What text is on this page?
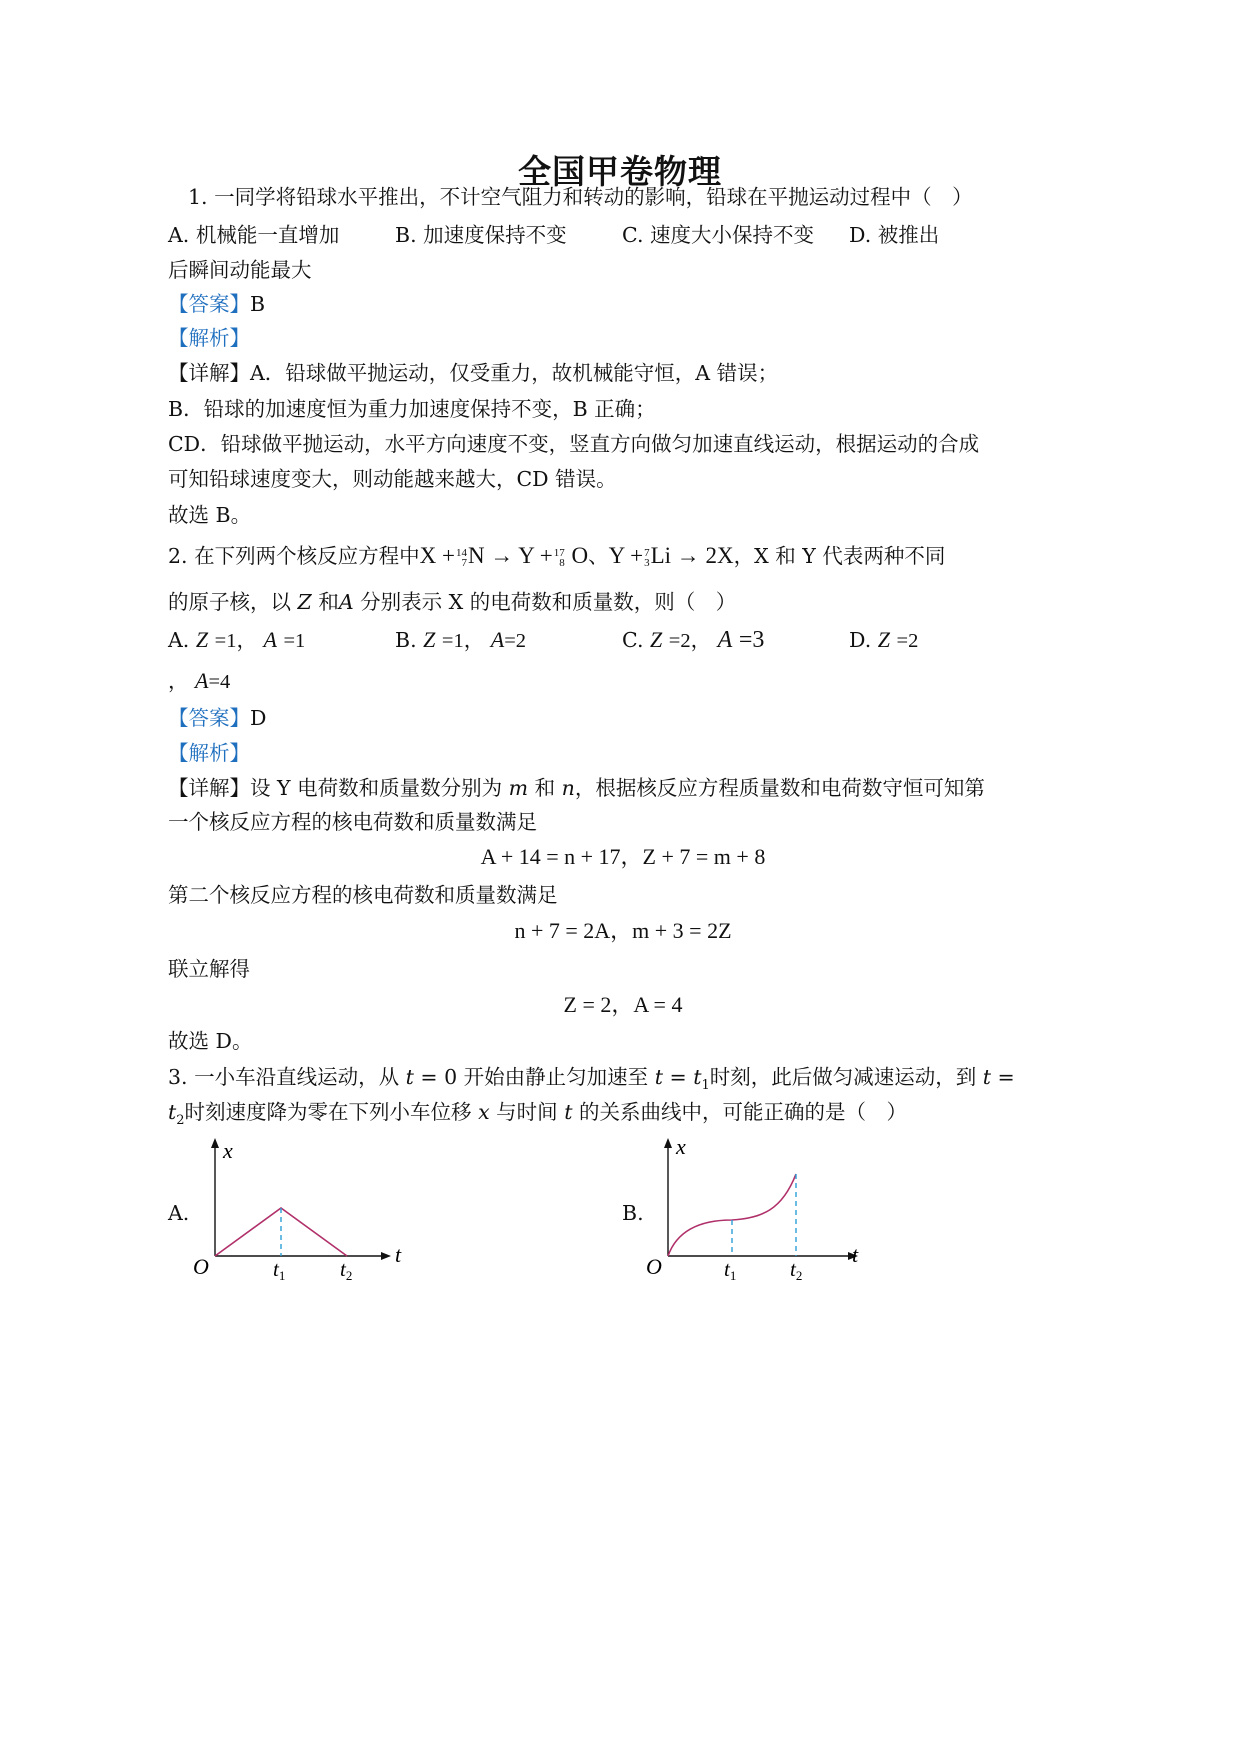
全国甲卷物理
1. 一同学将铅球水平推出，不计空气阻力和转动的影响，铅球在平抛运动过程中（　）
A. 机械能一直增加	B. 加速度保持不变	C. 速度大小保持不变 D. 被推出
后瞬间动能最大
【答案】B
【解析】
【详解】A．铅球做平抛运动，仅受重力，故机械能守恒，A 错误；
B．铅球的加速度恒为重力加速度保持不变，B 正确；
CD．铅球做平抛运动，水平方向速度不变，竖直方向做匀加速直线运动，根据运动的合成
可知铅球速度变大，则动能越来越大，CD 错误。
故选 B。
2. 在下列两个核反应方程中X +14
7N → Y +17
8 O、Y +7
3Li → 2X，X 和 Y 代表两种不同
的原子核，以 Z 和A 分别表示 X 的电荷数和质量数，则（　）
A. Z =1， A =1	B. Z =1， A=2	C. Z =2， A =3	D. Z =2
， A=4
【答案】D
【解析】
【详解】设 Y 电荷数和质量数分别为 m 和 n，根据核反应方程质量数和电荷数守恒可知第
一个核反应方程的核电荷数和质量数满足
A + 14 = n + 17，Z + 7 = m + 8
第二个核反应方程的核电荷数和质量数满足
n + 7 = 2A，m + 3 = 2Z
联立解得
Z = 2，A = 4
故选 D。
3. 一小车沿直线运动，从 t = 0 开始由静止匀加速至 $t = t_1$时刻，此后做匀减速运动，到 t =
$t_2$时刻速度降为零在下列小车位移 x 与时间 t 的关系曲线中，可能正确的是（　）
A.
x
t
O	t1	t2
B.
x
t
O	t1	t2
